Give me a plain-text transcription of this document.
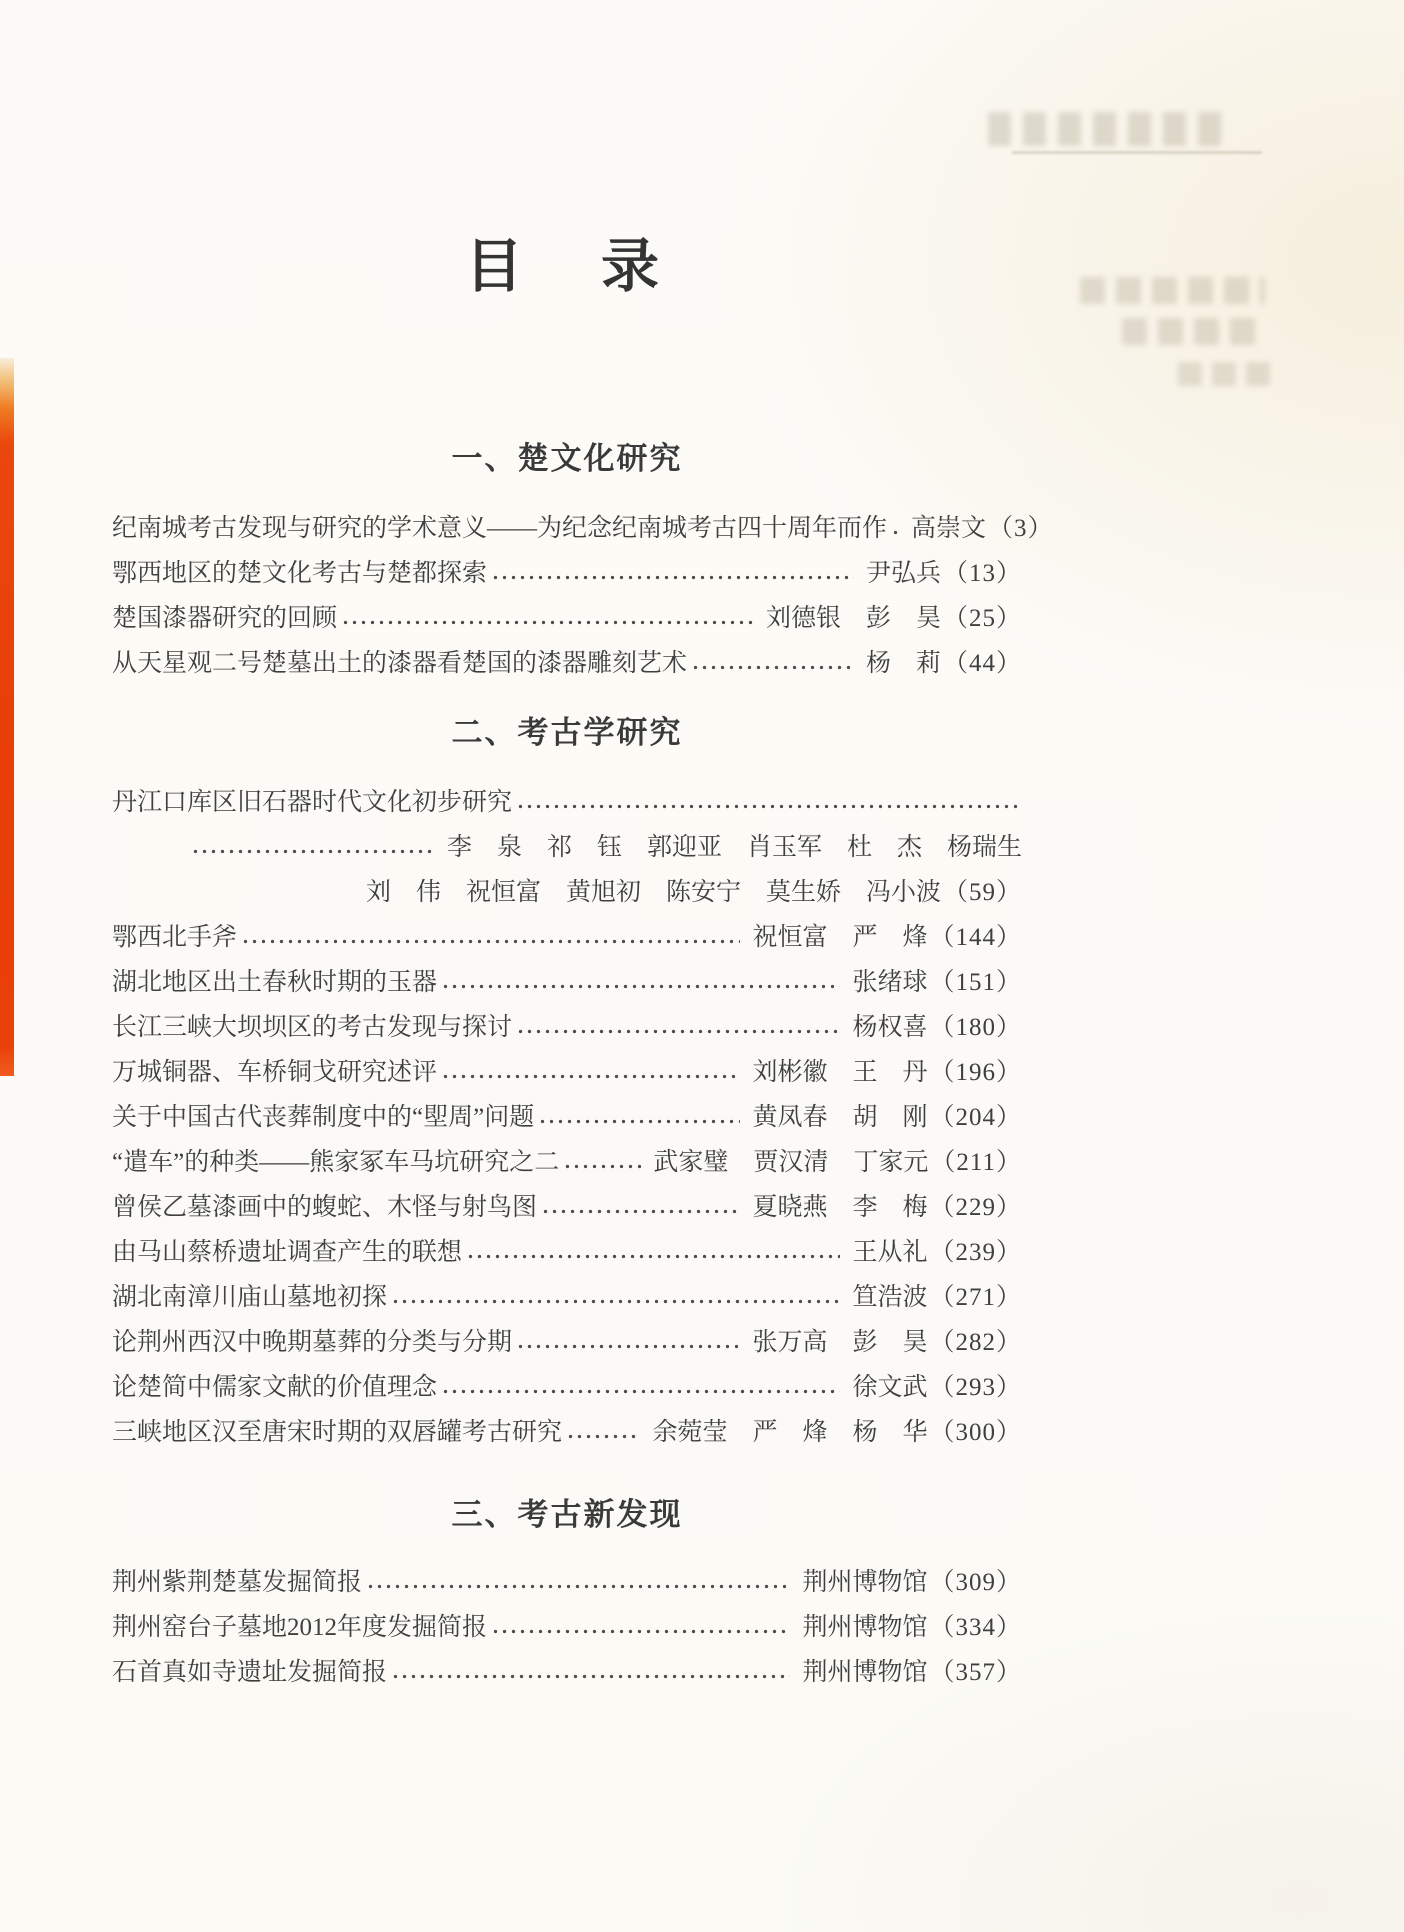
目　录
一、楚文化研究
纪南城考古发现与研究的学术意义——为纪念纪南城考古四十周年而作 高崇文 （3）
鄂西地区的楚文化考古与楚都探索	尹弘兵 （13）
楚国漆器研究的回顾	刘德银　彭　昊 （25）
从天星观二号楚墓出土的漆器看楚国的漆器雕刻艺术	杨　莉 （44）
二、考古学研究
丹江口库区旧石器时代文化初步研究
李　泉　祁　钰　郭迎亚　肖玉军　杜　杰　杨瑞生
刘　伟　祝恒富　黄旭初　陈安宁　莫生娇　冯小波 （59）
鄂西北手斧	祝恒富　严　烽 （144）
湖北地区出土春秋时期的玉器	张绪球 （151）
长江三峡大坝坝区的考古发现与探讨	杨权喜 （180）
万城铜器、车桥铜戈研究述评	刘彬徽　王　丹 （196）
关于中国古代丧葬制度中的“堲周”问题	黄凤春　胡　刚 （204）
“遣车”的种类——熊家冢车马坑研究之二	武家璧　贾汉清　丁家元 （211）
曾侯乙墓漆画中的蝮蛇、木怪与射鸟图	夏晓燕　李　梅 （229）
由马山蔡桥遗址调查产生的联想	王从礼 （239）
湖北南漳川庙山墓地初探	笪浩波 （271）
论荆州西汉中晚期墓葬的分类与分期	张万高　彭　昊 （282）
论楚简中儒家文献的价值理念	徐文武 （293）
三峡地区汉至唐宋时期的双唇罐考古研究	余菀莹　严　烽　杨　华 （300）
三、考古新发现
荆州紫荆楚墓发掘简报	荆州博物馆 （309）
荆州窑台子墓地2012年度发掘简报	荆州博物馆 （334）
石首真如寺遗址发掘简报	荆州博物馆 （357）
